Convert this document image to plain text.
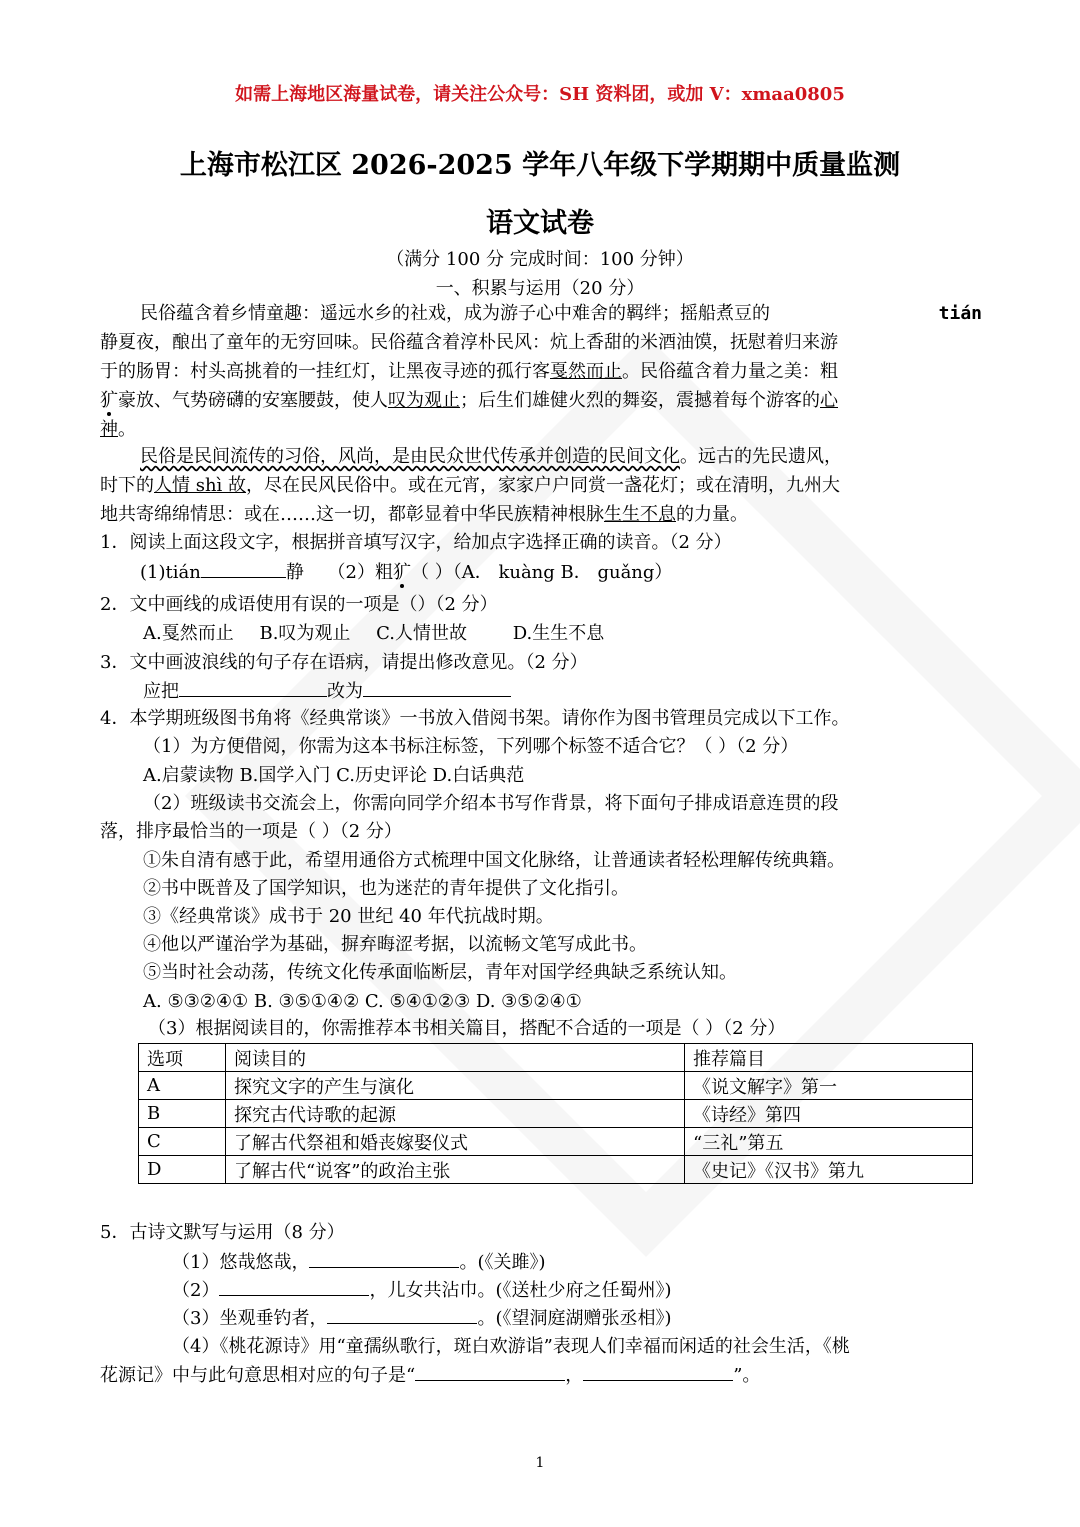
如需上海地区海量试卷，请关注公众号：SH 资料团，或加 V：xmaa0805
上海市松江区 2026-2025 学年八年级下学期期中质量监测
语文试卷
（满分 100 分 完成时间：100 分钟）
一、积累与运用（20 分）
民俗蕴含着乡情童趣：遥远水乡的社戏，成为游子心中难舍的羁绊；摇船煮豆的	tián
静夏夜，酿出了童年的无穷回味。民俗蕴含着淳朴民风：炕上香甜的米酒油馍，抚慰着归来游
于的肠胃：村头高挑着的一挂红灯，让黑夜寻迹的孤行客戛然而止。民俗蕴含着力量之美：粗
犷豪放、气势磅礴的安塞腰鼓，使人叹为观止；后生们雄健火烈的舞姿，震撼着每个游客的心
神。
民俗是民间流传的习俗，风尚，是由民众世代传承并创造的民间文化。远古的先民遗风，
时下的人情 shì 故，尽在民风民俗中。或在元宵，家家户户同赏一盏花灯；或在清明，九州大
地共寄绵绵情思：或在……这一切，都彰显着中华民族精神根脉生生不息的力量。
1．阅读上面这段文字，根据拼音填写汉字，给加点字选择正确的读音。（2 分）
(1)tián	静 （2）粗犷（ ）（A． kuàng B． guǎng）
2．文中画线的成语使用有误的一项是（）（2 分）
A.戛然而止 B.叹为观止 C.人情世故	D.生生不息
3．文中画波浪线的句子存在语病，请提出修改意见。（2 分）
应把	改为
4．本学期班级图书角将《经典常谈》一书放入借阅书架。请你作为图书管理员完成以下工作。
（1）为方便借阅，你需为这本书标注标签，下列哪个标签不适合它？（ ）（2 分）
A.启蒙读物 B.国学入门 C.历史评论 D.白话典范
（2）班级读书交流会上，你需向同学介绍本书写作背景，将下面句子排成语意连贯的段
落，排序最恰当的一项是（ ）（2 分）
①朱自清有感于此，希望用通俗方式梳理中国文化脉络，让普通读者轻松理解传统典籍。
②书中既普及了国学知识，也为迷茫的青年提供了文化指引。
③《经典常谈》成书于 20 世纪 40 年代抗战时期。
④他以严谨治学为基础，摒弃晦涩考据，以流畅文笔写成此书。
⑤当时社会动荡，传统文化传承面临断层，青年对国学经典缺乏系统认知。
A. ⑤③②④① B. ③⑤①④② C. ⑤④①②③ D. ③⑤②④①
（3）根据阅读目的，你需推荐本书相关篇目，搭配不合适的一项是（ ）（2 分）
选项	阅读目的	推荐篇目
A	探究文字的产生与演化	《说文解字》第一
B	探究古代诗歌的起源	《诗经》第四
C	了解古代祭祖和婚丧嫁娶仪式	“三礼”第五
D	了解古代“说客”的政治主张	《史记》《汉书》第九
5．古诗文默写与运用（8 分）
（1）悠哉悠哉，	。(《关雎》)
（2）	，儿女共沾巾。(《送杜少府之任蜀州》)
（3）坐观垂钓者，	。(《望洞庭湖赠张丞相》)
（4）《桃花源诗》用“童孺纵歌行，斑白欢游诣”表现人们幸福而闲适的社会生活，《桃
花源记》中与此句意思相对应的句子是“	，	”。
1
